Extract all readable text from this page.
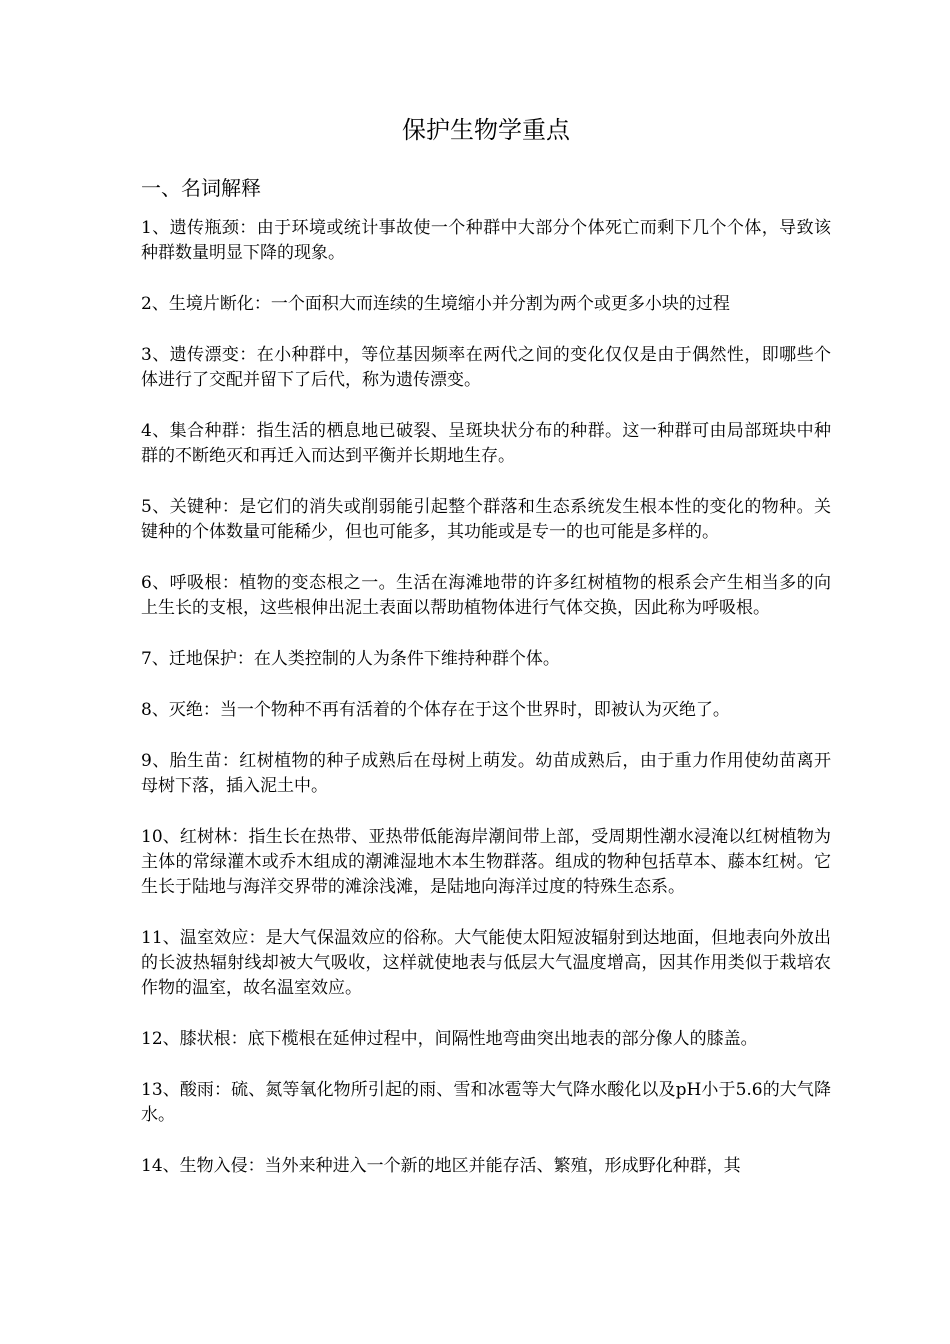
保护生物学重点
一、名词解释

1、遗传瓶颈：由于环境或统计事故使一个种群中大部分个体死亡而剩下几个个体，导致该种群数量明显下降的现象。

2、生境片断化：一个面积大而连续的生境缩小并分割为两个或更多小块的过程

3、遗传漂变：在小种群中，等位基因频率在两代之间的变化仅仅是由于偶然性，即哪些个体进行了交配并留下了后代，称为遗传漂变。

4、集合种群：指生活的栖息地已破裂、呈斑块状分布的种群。这一种群可由局部斑块中种群的不断绝灭和再迁入而达到平衡并长期地生存。

5、关键种：是它们的消失或削弱能引起整个群落和生态系统发生根本性的变化的物种。关键种的个体数量可能稀少，但也可能多，其功能或是专一的也可能是多样的。

6、呼吸根：植物的变态根之一。生活在海滩地带的许多红树植物的根系会产生相当多的向上生长的支根，这些根伸出泥土表面以帮助植物体进行气体交换，因此称为呼吸根。

7、迁地保护：在人类控制的人为条件下维持种群个体。

8、灭绝：当一个物种不再有活着的个体存在于这个世界时，即被认为灭绝了。

9、胎生苗：红树植物的种子成熟后在母树上萌发。幼苗成熟后，由于重力作用使幼苗离开母树下落，插入泥土中。

10、红树林：指生长在热带、亚热带低能海岸潮间带上部，受周期性潮水浸淹以红树植物为主体的常绿灌木或乔木组成的潮滩湿地木本生物群落。组成的物种包括草本、藤本红树。它生长于陆地与海洋交界带的滩涂浅滩，是陆地向海洋过度的特殊生态系。

11、温室效应：是大气保温效应的俗称。大气能使太阳短波辐射到达地面，但地表向外放出的长波热辐射线却被大气吸收，这样就使地表与低层大气温度增高，因其作用类似于栽培农作物的温室，故名温室效应。

12、膝状根：底下榄根在延伸过程中，间隔性地弯曲突出地表的部分像人的膝盖。

13、酸雨：硫、氮等氧化物所引起的雨、雪和冰雹等大气降水酸化以及pH小于5.6的大气降水。

14、生物入侵：当外来种进入一个新的地区并能存活、繁殖，形成野化种群，其
